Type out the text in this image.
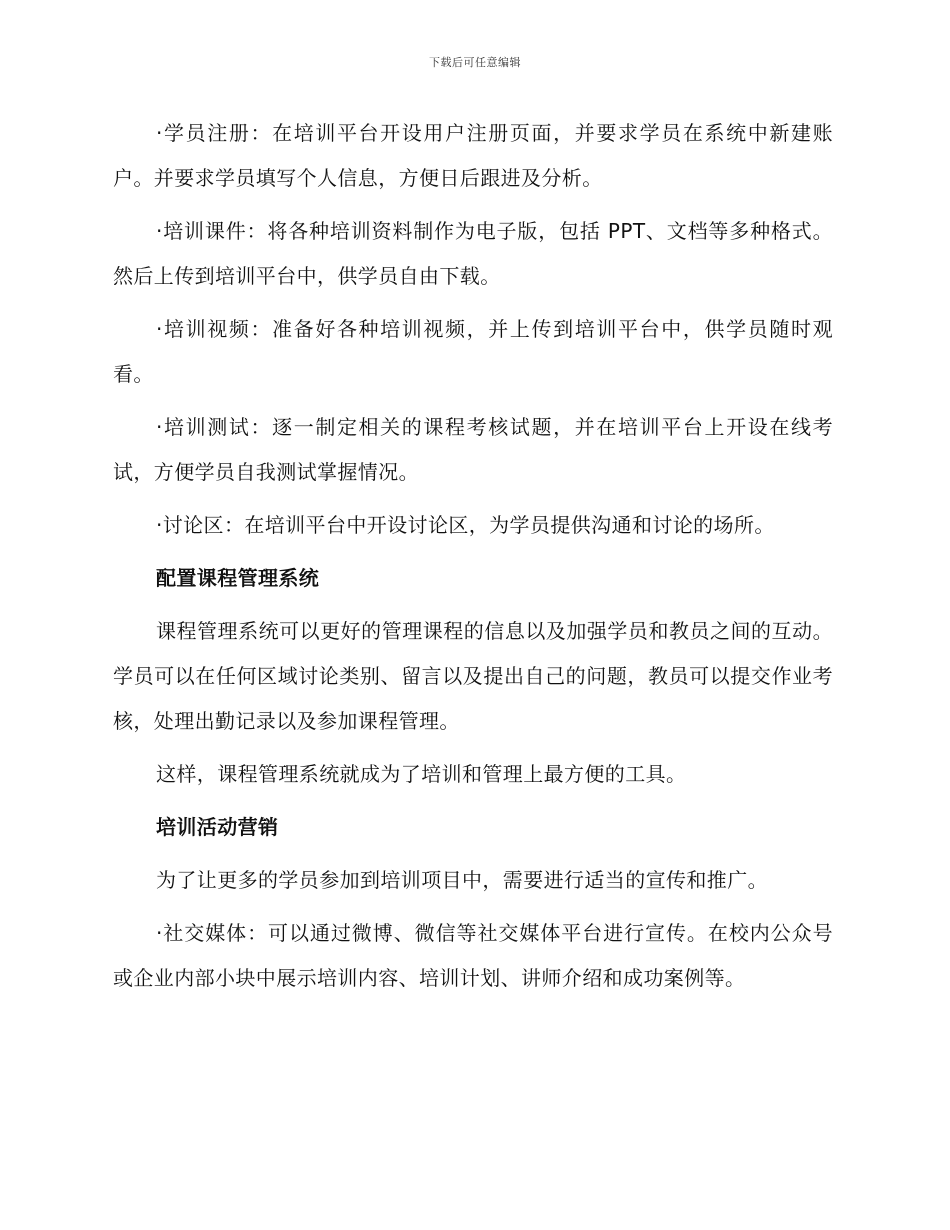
下载后可任意编辑

·学员注册：在培训平台开设用户注册页面，并要求学员在系统中新建账户。并要求学员填写个人信息，方便日后跟进及分析。

·培训课件：将各种培训资料制作为电子版，包括 PPT、文档等多种格式。然后上传到培训平台中，供学员自由下载。

·培训视频：准备好各种培训视频，并上传到培训平台中，供学员随时观看。

·培训测试：逐一制定相关的课程考核试题，并在培训平台上开设在线考试，方便学员自我测试掌握情况。

·讨论区：在培训平台中开设讨论区，为学员提供沟通和讨论的场所。

配置课程管理系统

课程管理系统可以更好的管理课程的信息以及加强学员和教员之间的互动。学员可以在任何区域讨论类别、留言以及提出自己的问题，教员可以提交作业考核，处理出勤记录以及参加课程管理。

这样，课程管理系统就成为了培训和管理上最方便的工具。

培训活动营销

为了让更多的学员参加到培训项目中，需要进行适当的宣传和推广。

·社交媒体：可以通过微博、微信等社交媒体平台进行宣传。在校内公众号或企业内部小块中展示培训内容、培训计划、讲师介绍和成功案例等。
